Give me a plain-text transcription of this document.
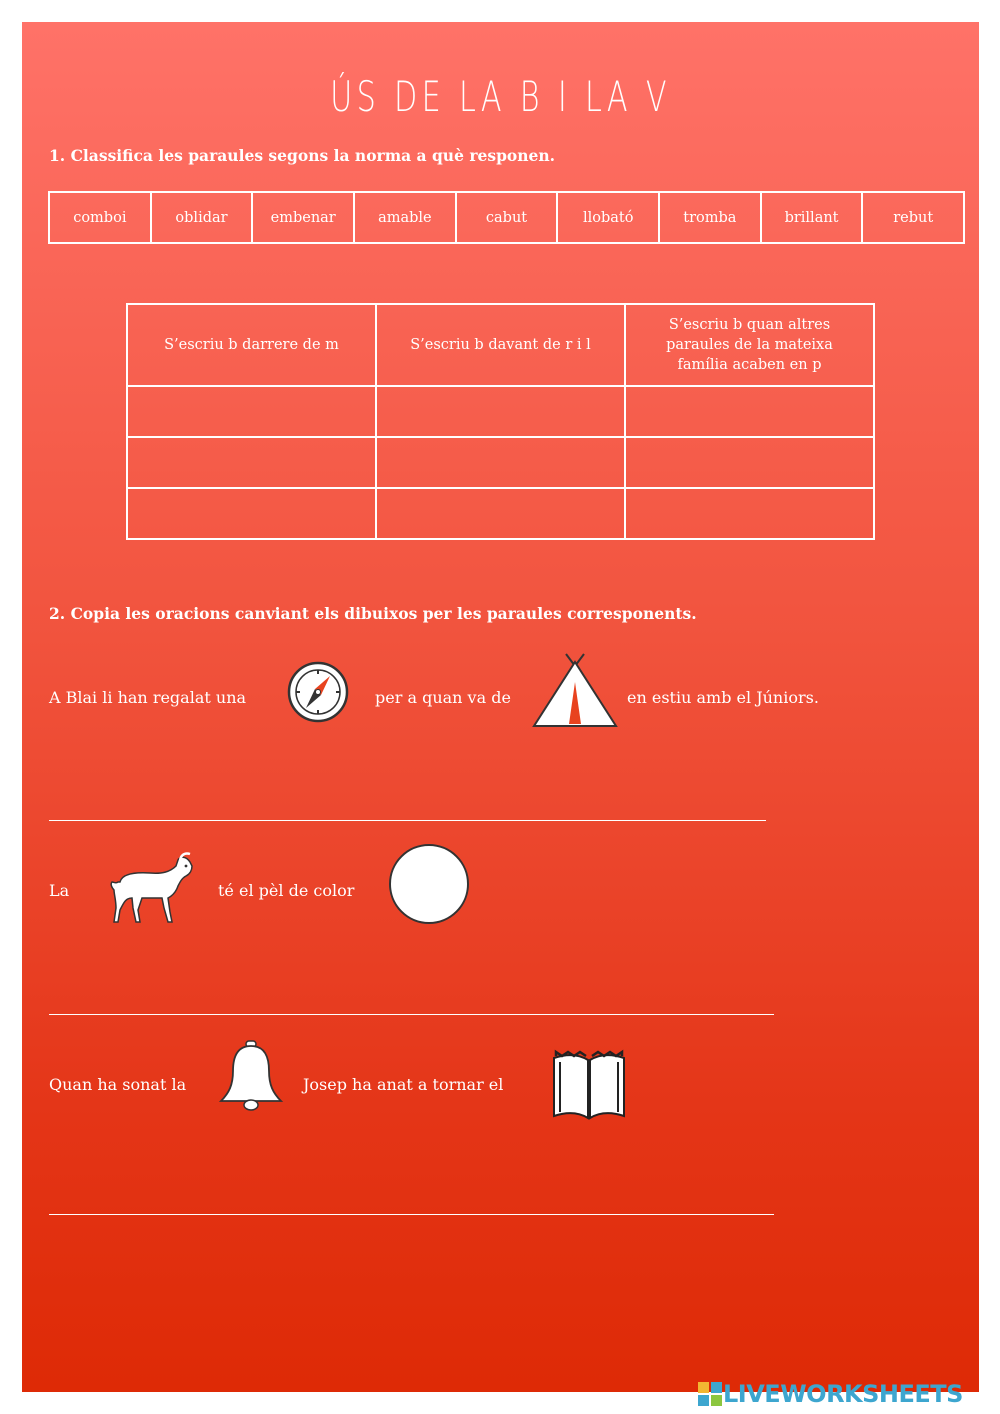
ÚS DE LA B I LA V
1. Classifica les paraules segons la norma a què responen.
comboi	oblidar	embenar	amable	cabut	llobató	tromba	brillant	rebut
S’escriu b darrere de m	S’escriu b davant de r i l	S’escriu b quan altres paraules de la mateixa família acaben en p

2. Copia les oracions canviant els dibuixos per les paraules corresponents.
A Blai li han regalat una	per a quan va de	en estiu amb el Júniors.
La	té el pèl de color
Quan ha sonat la	Josep ha anat a tornar el
LIVEWORKSHEETS
